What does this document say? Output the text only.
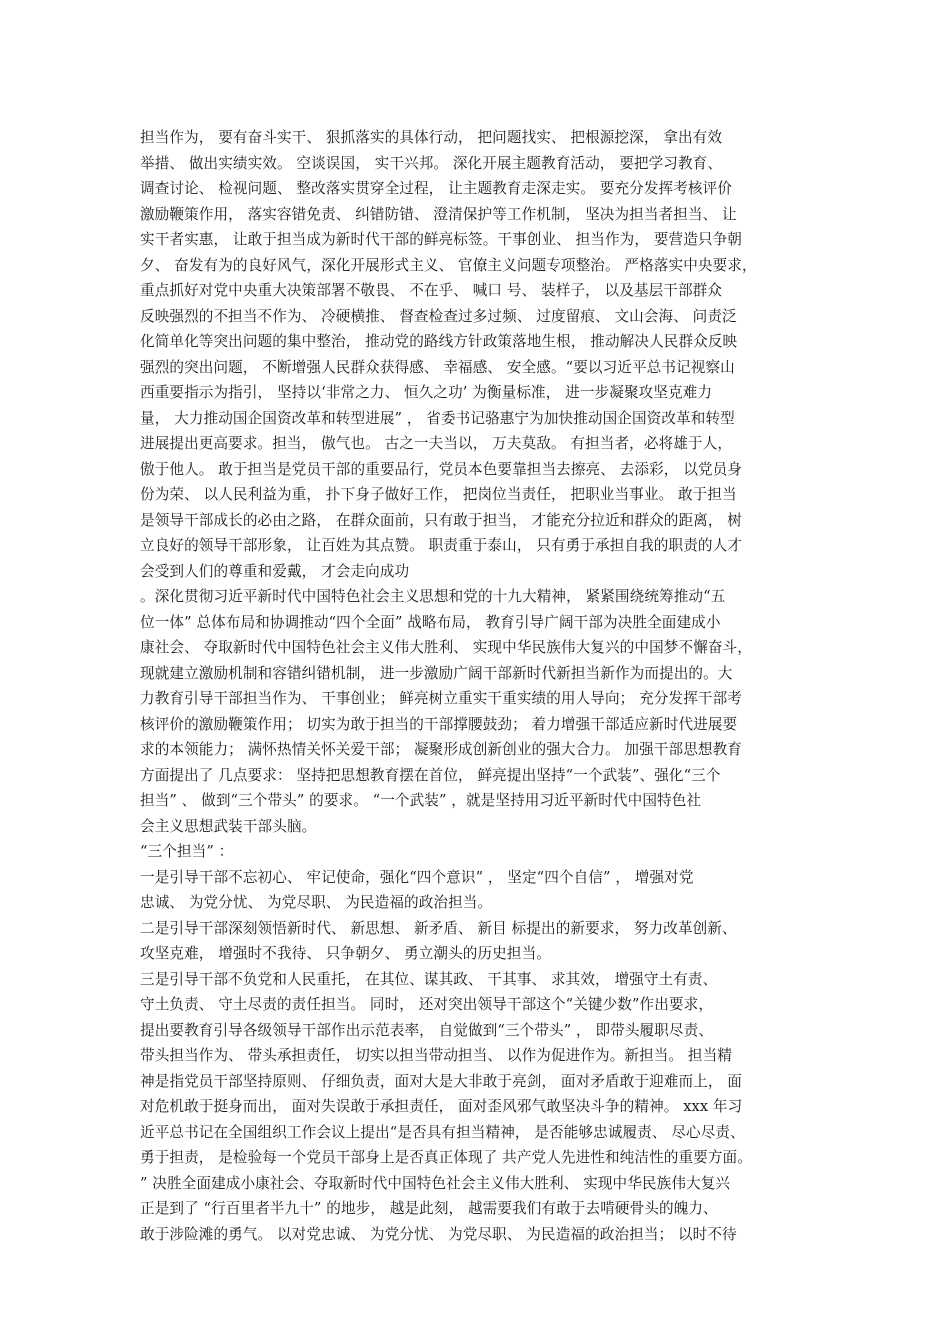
担当作为， 要有奋斗实干、 狠抓落实的具体行动， 把问题找实、 把根源挖深， 拿出有效
举措、 做出实绩实效。 空谈误国， 实干兴邦。 深化开展主题教育活动， 要把学习教育、
调查讨论、 检视问题、 整改落实贯穿全过程， 让主题教育走深走实。 要充分发挥考核评价
激励鞭策作用， 落实容错免责、 纠错防错、 澄清保护等工作机制， 坚决为担当者担当、 让
实干者实惠， 让敢于担当成为新时代干部的鲜亮标签。干事创业、 担当作为， 要营造只争朝
夕、 奋发有为的良好风气，深化开展形式主义、 官僚主义问题专项整治。 严格落实中央要求，
重点抓好对党中央重大决策部署不敬畏、 不在乎、 喊口 号、 装样子， 以及基层干部群众
反映强烈的不担当不作为、 冷硬横推、 督查检查过多过频、 过度留痕、 文山会海、 问责泛
化简单化等突出问题的集中整治， 推动党的路线方针政策落地生根， 推动解决人民群众反映
强烈的突出问题， 不断增强人民群众获得感、 幸福感、 安全感。“要以习近平总书记视察山
西重要指示为指引， 坚持以‘非常之力、 恒久之功’ 为衡量标准， 进一步凝聚攻坚克难力
量， 大力推动国企国资改革和转型进展” ， 省委书记骆惠宁为加快推动国企国资改革和转型
进展提出更高要求。担当， 傲气也。 古之一夫当以， 万夫莫敌。 有担当者，必将雄于人，
傲于他人。 敢于担当是党员干部的重要品行，党员本色要靠担当去擦亮、 去添彩， 以党员身
份为荣、 以人民利益为重， 扑下身子做好工作， 把岗位当责任， 把职业当事业。 敢于担当
是领导干部成长的必由之路， 在群众面前，只有敢于担当， 才能充分拉近和群众的距离， 树
立良好的领导干部形象， 让百姓为其点赞。 职责重于泰山， 只有勇于承担自我的职责的人才
会受到人们的尊重和爱戴， 才会走向成功
。深化贯彻习近平新时代中国特色社会主义思想和党的十九大精神， 紧紧围绕统筹推动“五
位一体” 总体布局和协调推动“四个全面” 战略布局， 教育引导广阔干部为决胜全面建成小
康社会、 夺取新时代中国特色社会主义伟大胜利、 实现中华民族伟大复兴的中国梦不懈奋斗，
现就建立激励机制和容错纠错机制， 进一步激励广阔干部新时代新担当新作为而提出的。大
力教育引导干部担当作为、 干事创业； 鲜亮树立重实干重实绩的用人导向； 充分发挥干部考
核评价的激励鞭策作用； 切实为敢于担当的干部撑腰鼓劲； 着力增强干部适应新时代进展要
求的本领能力； 满怀热情关怀关爱干部； 凝聚形成创新创业的强大合力。 加强干部思想教育
方面提出了 几点要求： 坚持把思想教育摆在首位， 鲜亮提出坚持“一个武装”、强化“三个
担当” 、 做到“三个带头” 的要求。 “一个武装” ，就是坚持用习近平新时代中国特色社
会主义思想武装干部头脑。
“三个担当” ：
一是引导干部不忘初心、 牢记使命，强化“四个意识” ， 坚定“四个自信” ， 增强对党
忠诚、 为党分忧、 为党尽职、 为民造福的政治担当。
二是引导干部深刻领悟新时代、 新思想、 新矛盾、 新目 标提出的新要求， 努力改革创新、
攻坚克难， 增强时不我待、 只争朝夕、 勇立潮头的历史担当。
三是引导干部不负党和人民重托， 在其位、谋其政、 干其事、 求其效， 增强守土有责、
守土负责、 守土尽责的责任担当。 同时， 还对突出领导干部这个“关键少数”作出要求，
提出要教育引导各级领导干部作出示范表率， 自觉做到“三个带头” ， 即带头履职尽责、
带头担当作为、 带头承担责任， 切实以担当带动担当、 以作为促进作为。新担当。 担当精
神是指党员干部坚持原则、 仔细负责，面对大是大非敢于亮剑， 面对矛盾敢于迎难而上， 面
对危机敢于挺身而出， 面对失误敢于承担责任， 面对歪风邪气敢坚决斗争的精神。 xxx 年习
近平总书记在全国组织工作会议上提出“是否具有担当精神， 是否能够忠诚履责、 尽心尽责、
勇于担责， 是检验每一个党员干部身上是否真正体现了 共产党人先进性和纯洁性的重要方面。
” 决胜全面建成小康社会、夺取新时代中国特色社会主义伟大胜利、 实现中华民族伟大复兴
正是到了 “行百里者半九十” 的地步， 越是此刻， 越需要我们有敢于去啃硬骨头的魄力、
敢于涉险滩的勇气。 以对党忠诚、 为党分忧、 为党尽职、 为民造福的政治担当； 以时不待
